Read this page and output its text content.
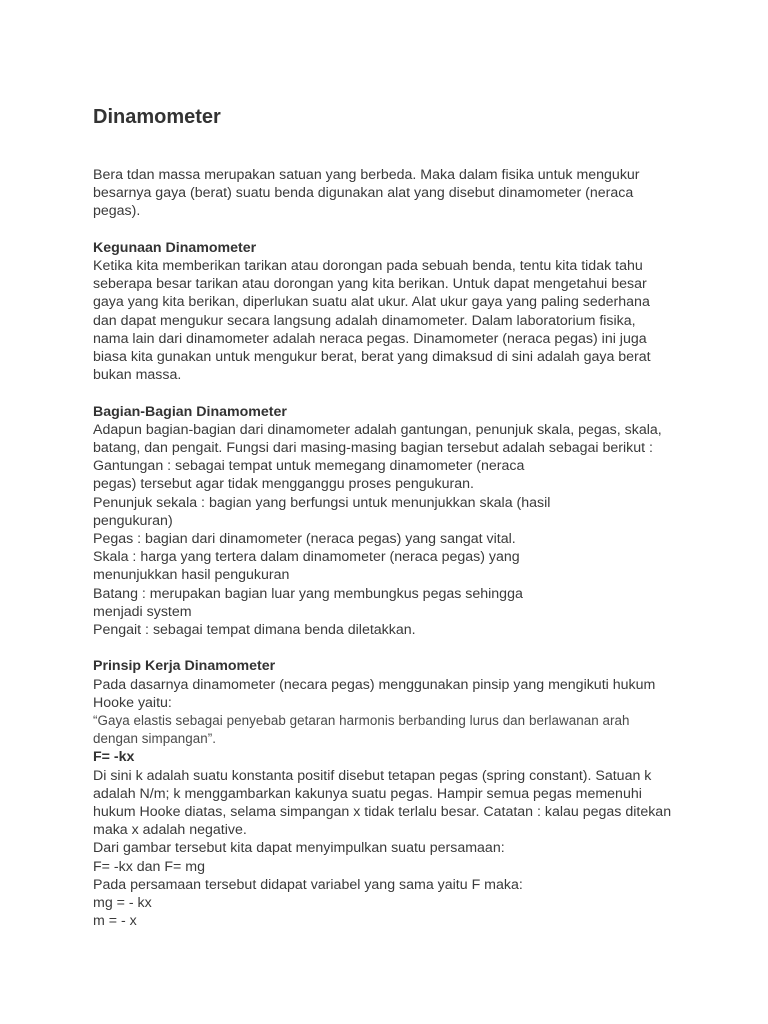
Dinamometer
Bera tdan massa merupakan satuan yang berbeda. Maka dalam fisika untuk mengukur
besarnya gaya (berat) suatu benda digunakan alat yang disebut dinamometer (neraca
pegas).
Kegunaan Dinamometer
Ketika kita memberikan tarikan atau dorongan pada sebuah benda, tentu kita tidak tahu
seberapa besar tarikan atau dorongan yang kita berikan. Untuk dapat mengetahui besar
gaya yang kita berikan, diperlukan suatu alat ukur. Alat ukur gaya yang paling sederhana
dan dapat mengukur secara langsung adalah dinamometer. Dalam laboratorium fisika,
nama lain dari dinamometer adalah neraca pegas. Dinamometer (neraca pegas) ini juga
biasa kita gunakan untuk mengukur berat, berat yang dimaksud di sini adalah gaya berat
bukan massa.
Bagian-Bagian Dinamometer
Adapun bagian-bagian dari dinamometer adalah gantungan, penunjuk skala, pegas, skala,
batang, dan pengait. Fungsi dari masing-masing bagian tersebut adalah sebagai berikut :
Gantungan : sebagai tempat untuk memegang dinamometer (neraca
pegas) tersebut agar tidak mengganggu proses pengukuran.
Penunjuk sekala : bagian yang berfungsi untuk menunjukkan skala (hasil
pengukuran)
Pegas : bagian dari dinamometer (neraca pegas) yang sangat vital.
Skala : harga yang tertera dalam dinamometer (neraca pegas) yang
menunjukkan hasil pengukuran
Batang : merupakan bagian luar yang membungkus pegas sehingga
menjadi system
Pengait : sebagai tempat dimana benda diletakkan.
Prinsip Kerja Dinamometer
Pada dasarnya dinamometer (necara pegas) menggunakan pinsip yang mengikuti hukum
Hooke yaitu:
“Gaya elastis sebagai penyebab getaran harmonis berbanding lurus dan berlawanan arah
dengan simpangan”.
F= -kx
Di sini k adalah suatu konstanta positif disebut tetapan pegas (spring constant). Satuan k
adalah N/m; k menggambarkan kakunya suatu pegas. Hampir semua pegas memenuhi
hukum Hooke diatas, selama simpangan x tidak terlalu besar. Catatan : kalau pegas ditekan
maka x adalah negative.
Dari gambar tersebut kita dapat menyimpulkan suatu persamaan:
F= -kx dan F= mg
Pada persamaan tersebut didapat variabel yang sama yaitu F maka:
mg = - kx
m = - x
